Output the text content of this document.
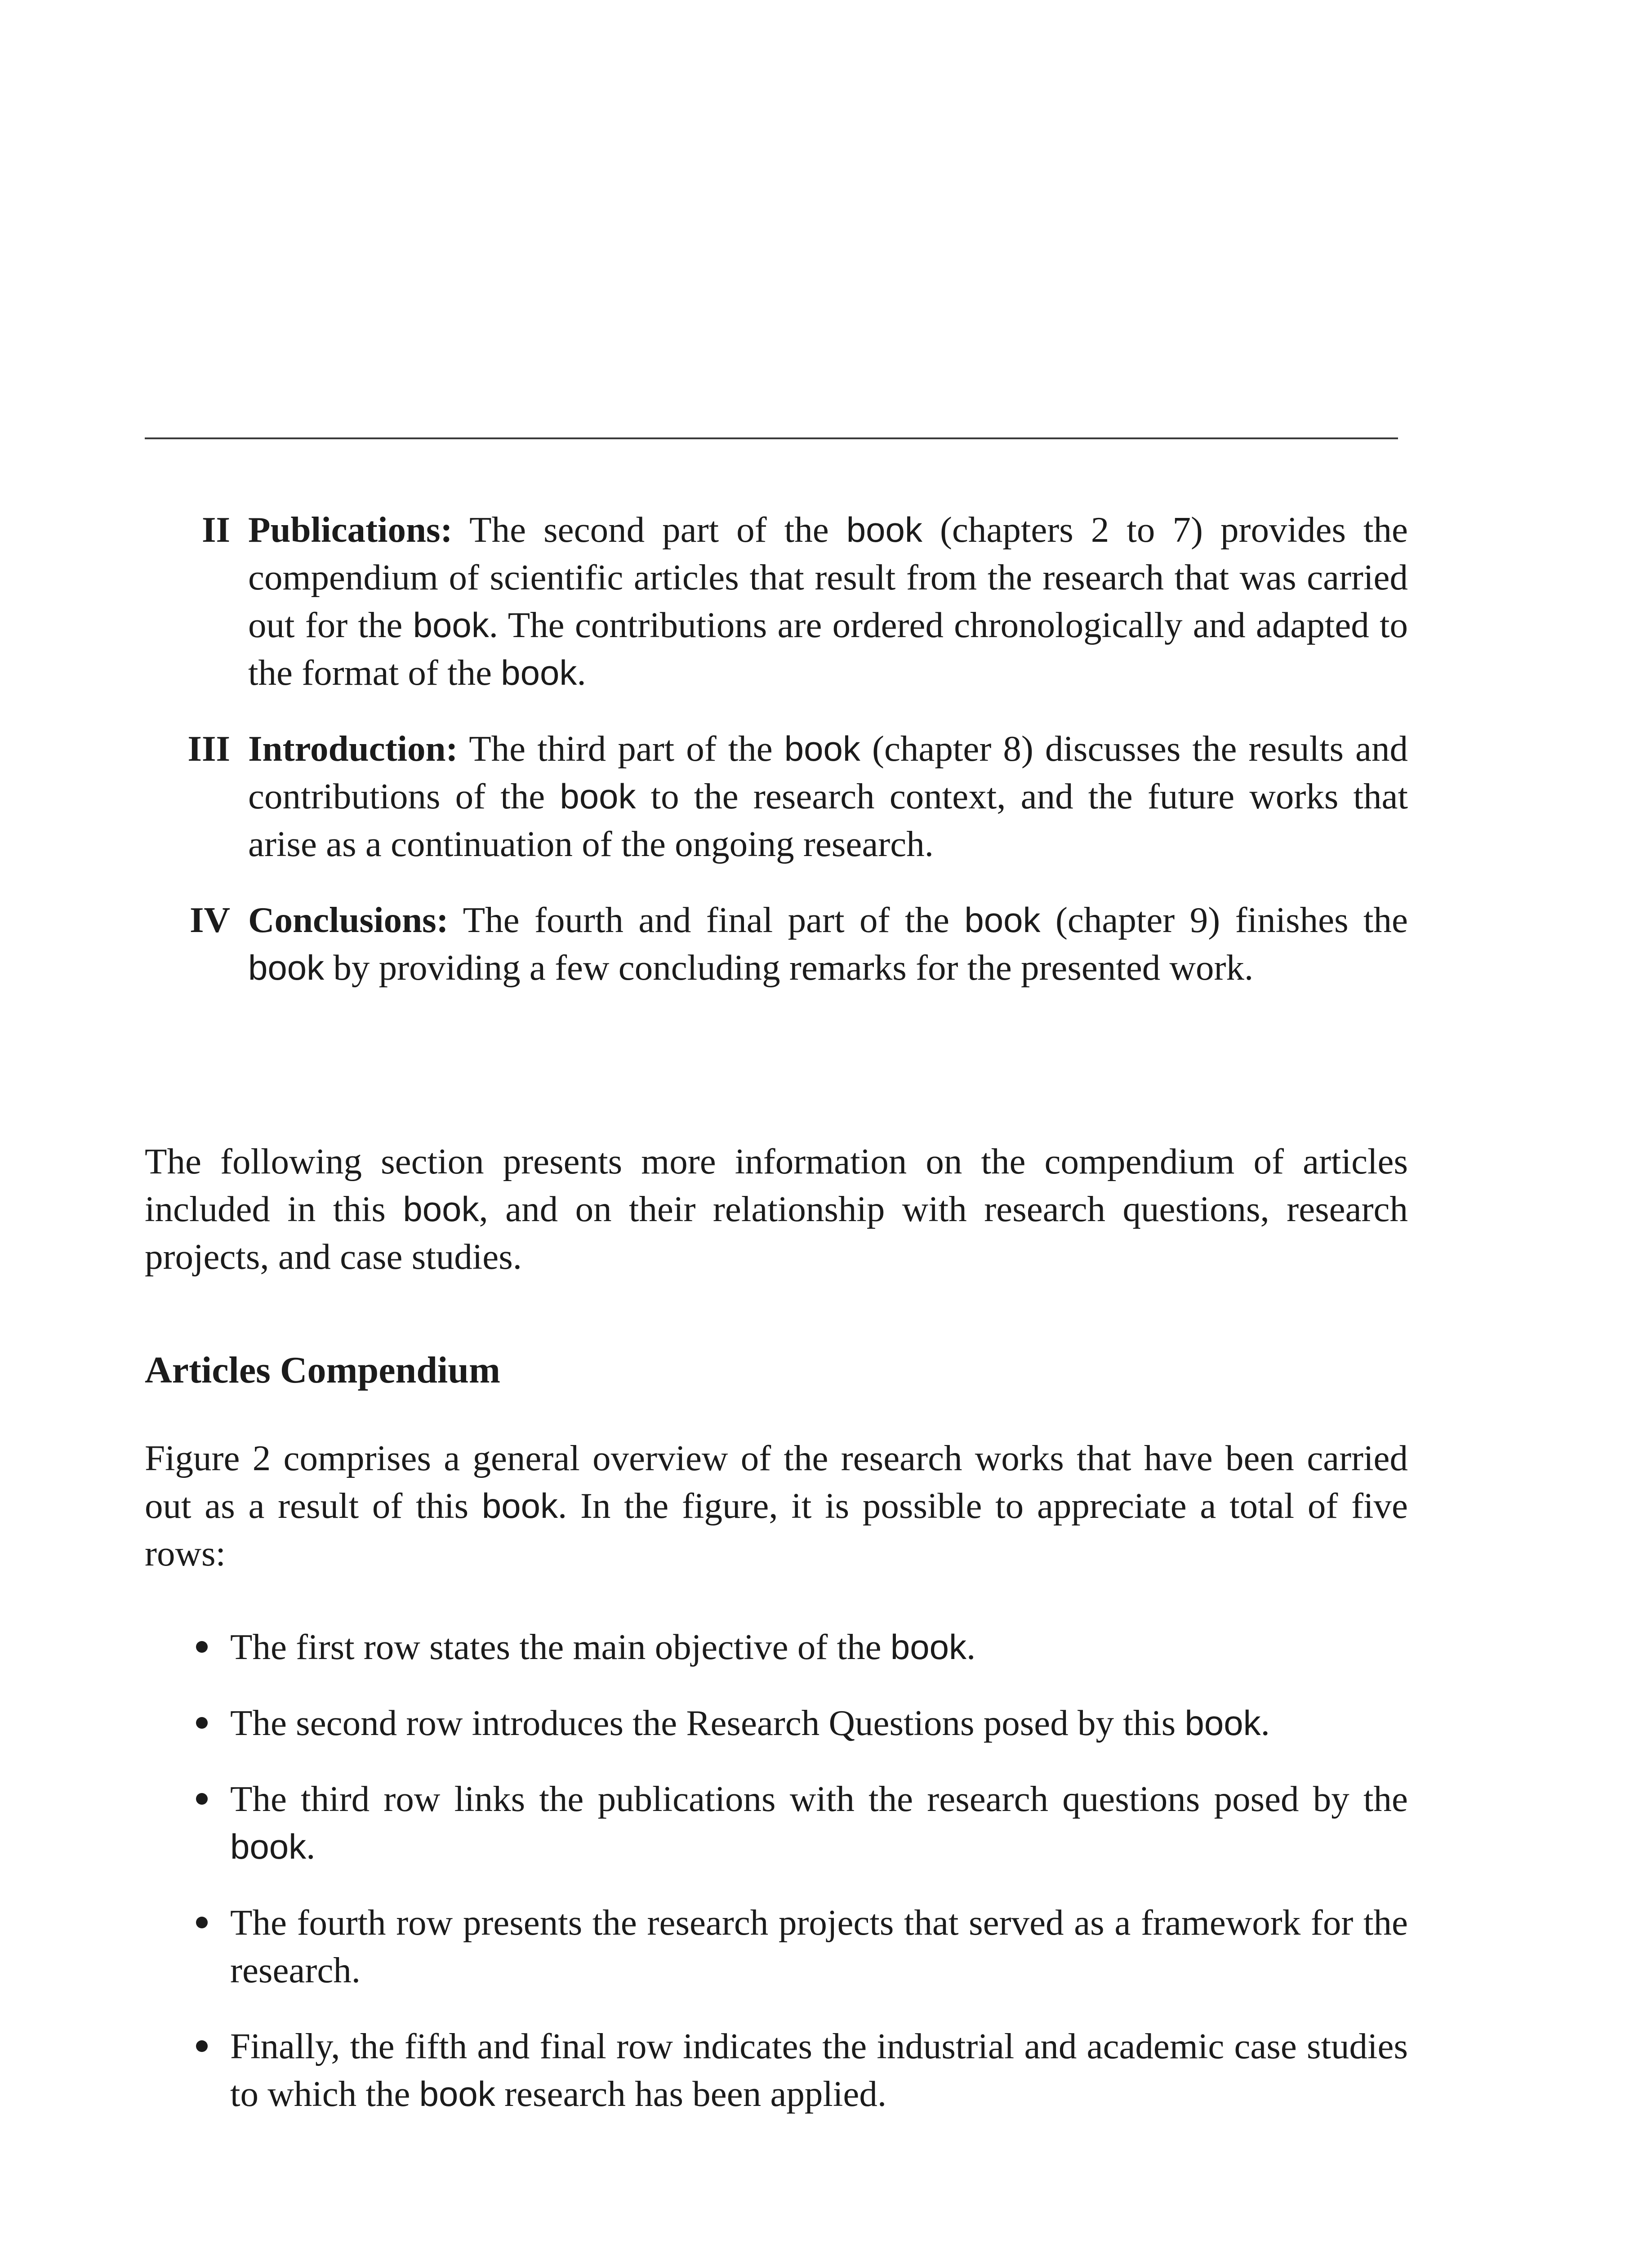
II Publications: The second part of the book (chapters 2 to 7) provides the compendium of scientific articles that result from the research that was carried out for the book. The contributions are ordered chronologically and adapted to the format of the book.
III Introduction: The third part of the book (chapter 8) discusses the results and contributions of the book to the research context, and the future works that arise as a continuation of the ongoing research.
IV Conclusions: The fourth and final part of the book (chapter 9) finishes the book by providing a few concluding remarks for the presented work.
The following section presents more information on the compendium of articles included in this book, and on their relationship with research questions, research projects, and case studies.
Articles Compendium
Figure 2 comprises a general overview of the research works that have been carried out as a result of this book. In the figure, it is possible to appreciate a total of five rows:
The first row states the main objective of the book.
The second row introduces the Research Questions posed by this book.
The third row links the publications with the research questions posed by the book.
The fourth row presents the research projects that served as a framework for the research.
Finally, the fifth and final row indicates the industrial and academic case studies to which the book research has been applied.
